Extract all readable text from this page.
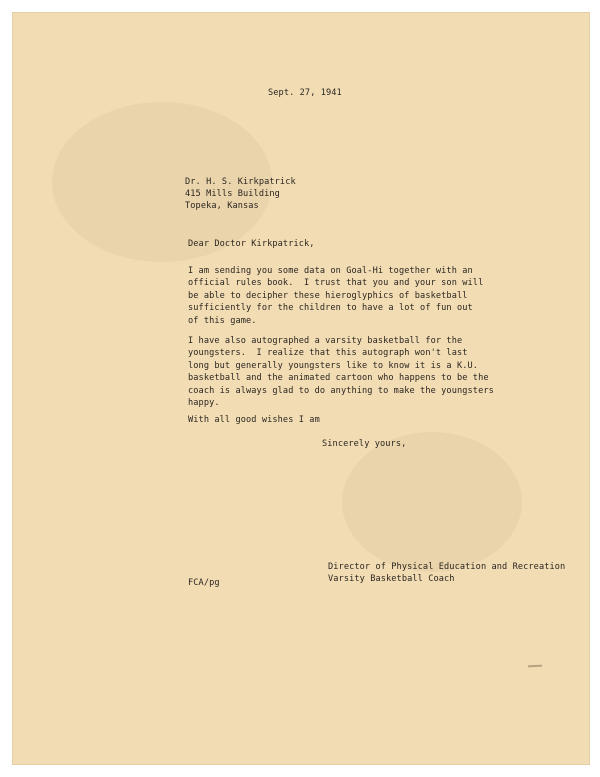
Sept. 27, 1941
Dr. H. S. Kirkpatrick
415 Mills Building
Topeka, Kansas
Dear Doctor Kirkpatrick,
I am sending you some data on Goal-Hi together with an
official rules book.  I trust that you and your son will
be able to decipher these hieroglyphics of basketball
sufficiently for the children to have a lot of fun out
of this game.
I have also autographed a varsity basketball for the
youngsters.  I realize that this autograph won't last
long but generally youngsters like to know it is a K.U.
basketball and the animated cartoon who happens to be the
coach is always glad to do anything to make the youngsters
happy.
With all good wishes I am
Sincerely yours,
Director of Physical Education and Recreation
Varsity Basketball Coach
FCA/pg
